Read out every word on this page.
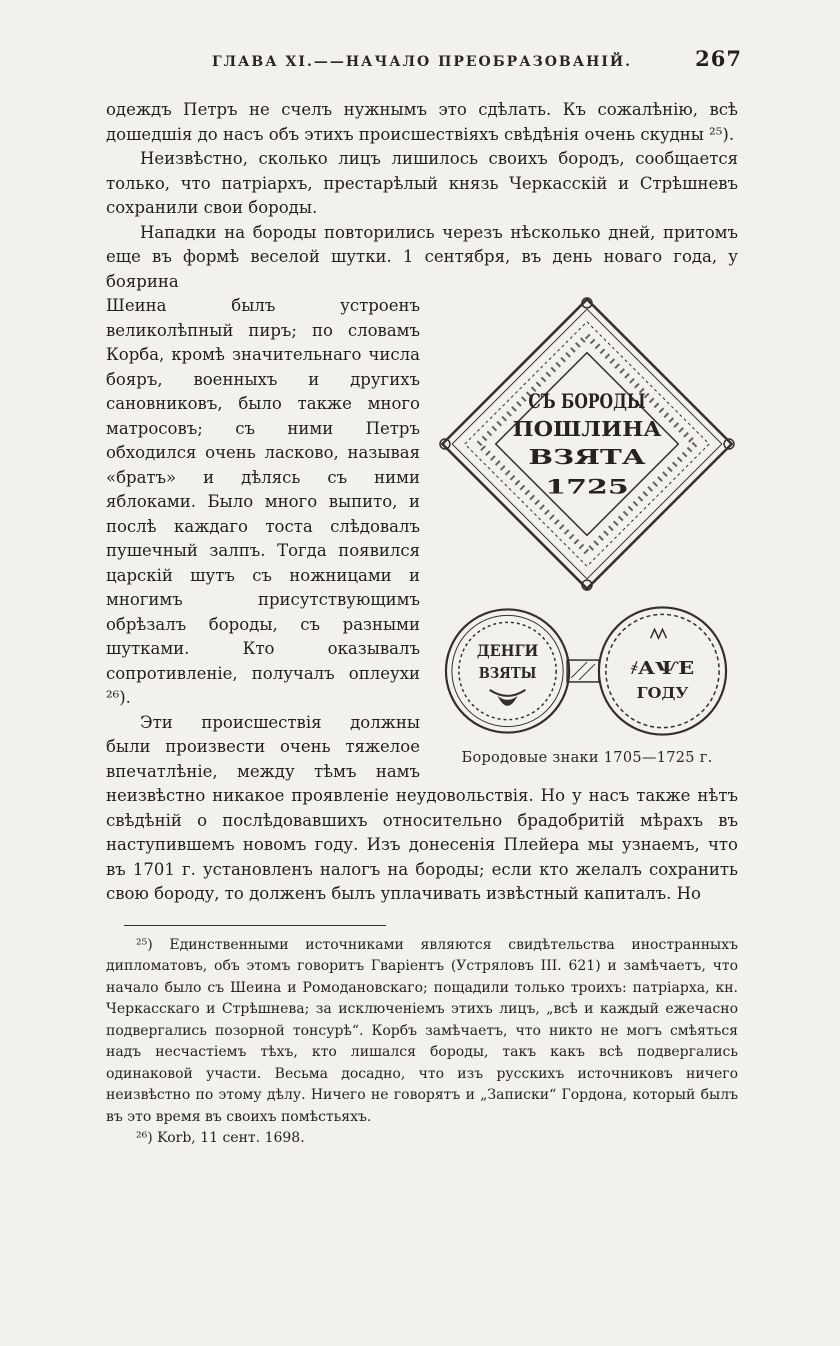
ГЛАВА XI.——НАЧАЛО ПРЕОБРАЗОВАНІЙ.	267

одеждъ Петръ не счелъ нужнымъ это сдѣлать. Къ сожалѣнію, всѣ дошедшія до насъ объ этихъ происшествіяхъ свѣдѣнія очень скудны ²⁵).

Неизвѣстно, сколько лицъ лишилось своихъ бородъ, сообщается только, что патріархъ, престарѣлый князь Черкасскій и Стрѣшневъ сохранили свои бороды.

Нападки на бороды повторились черезъ нѣсколько дней, притомъ еще въ формѣ веселой шутки. 1 сентября, въ день новаго года, у боярина

СЪ БОРОДЫ
ПОШЛИНА
ВЗЯТА
1725
ДЕНГИ
ВЗЯТЫ	҂АѰЕ
ГОДУ
Бородовые знаки 1705—1725 г.

Шеина былъ устроенъ великолѣпный пиръ; по словамъ Корба, кромѣ значительнаго числа бояръ, военныхъ и другихъ сановниковъ, было также много матросовъ; съ ними Петръ обходился очень ласково, называя «братъ» и дѣлясь съ ними яблоками. Было много выпито, и послѣ каждаго тоста слѣдовалъ пушечный залпъ. Тогда появился царскій шутъ съ ножницами и многимъ присутствующимъ обрѣзалъ бороды, съ разными шутками. Кто оказывалъ сопротивленіе, получалъ оплеухи ²⁶).

Эти происшествія должны были произвести очень тяжелое впечатлѣніе, между тѣмъ намъ неизвѣстно никакое проявленіе неудовольствія. Но у насъ также нѣтъ свѣдѣній о послѣдовавшихъ относительно брадобритій мѣрахъ въ наступившемъ новомъ году. Изъ донесенія Плейера мы узнаемъ, что въ 1701 г. установленъ налогъ на бороды; если кто желалъ сохранить свою бороду, то долженъ былъ уплачивать извѣстный капиталъ. Но

²⁵) Единственными источниками являются свидѣтельства иностранныхъ дипломатовъ, объ этомъ говоритъ Гваріентъ (Устряловъ III. 621) и замѣчаетъ, что начало было съ Шеина и Ромодановскаго; пощадили только троихъ: патріарха, кн. Черкасскаго и Стрѣшнева; за исключеніемъ этихъ лицъ, „всѣ и каждый ежечасно подвергались позорной тонсурѣ“. Корбъ замѣчаетъ, что никто не могъ смѣяться надъ несчастіемъ тѣхъ, кто лишался бороды, такъ какъ всѣ подвергались одинаковой участи. Весьма досадно, что изъ русскихъ источниковъ ничего неизвѣстно по этому дѣлу. Ничего не говорятъ и „Записки“ Гордона, который былъ въ это время въ своихъ помѣстьяхъ.

²⁶) Korb, 11 сент. 1698.
